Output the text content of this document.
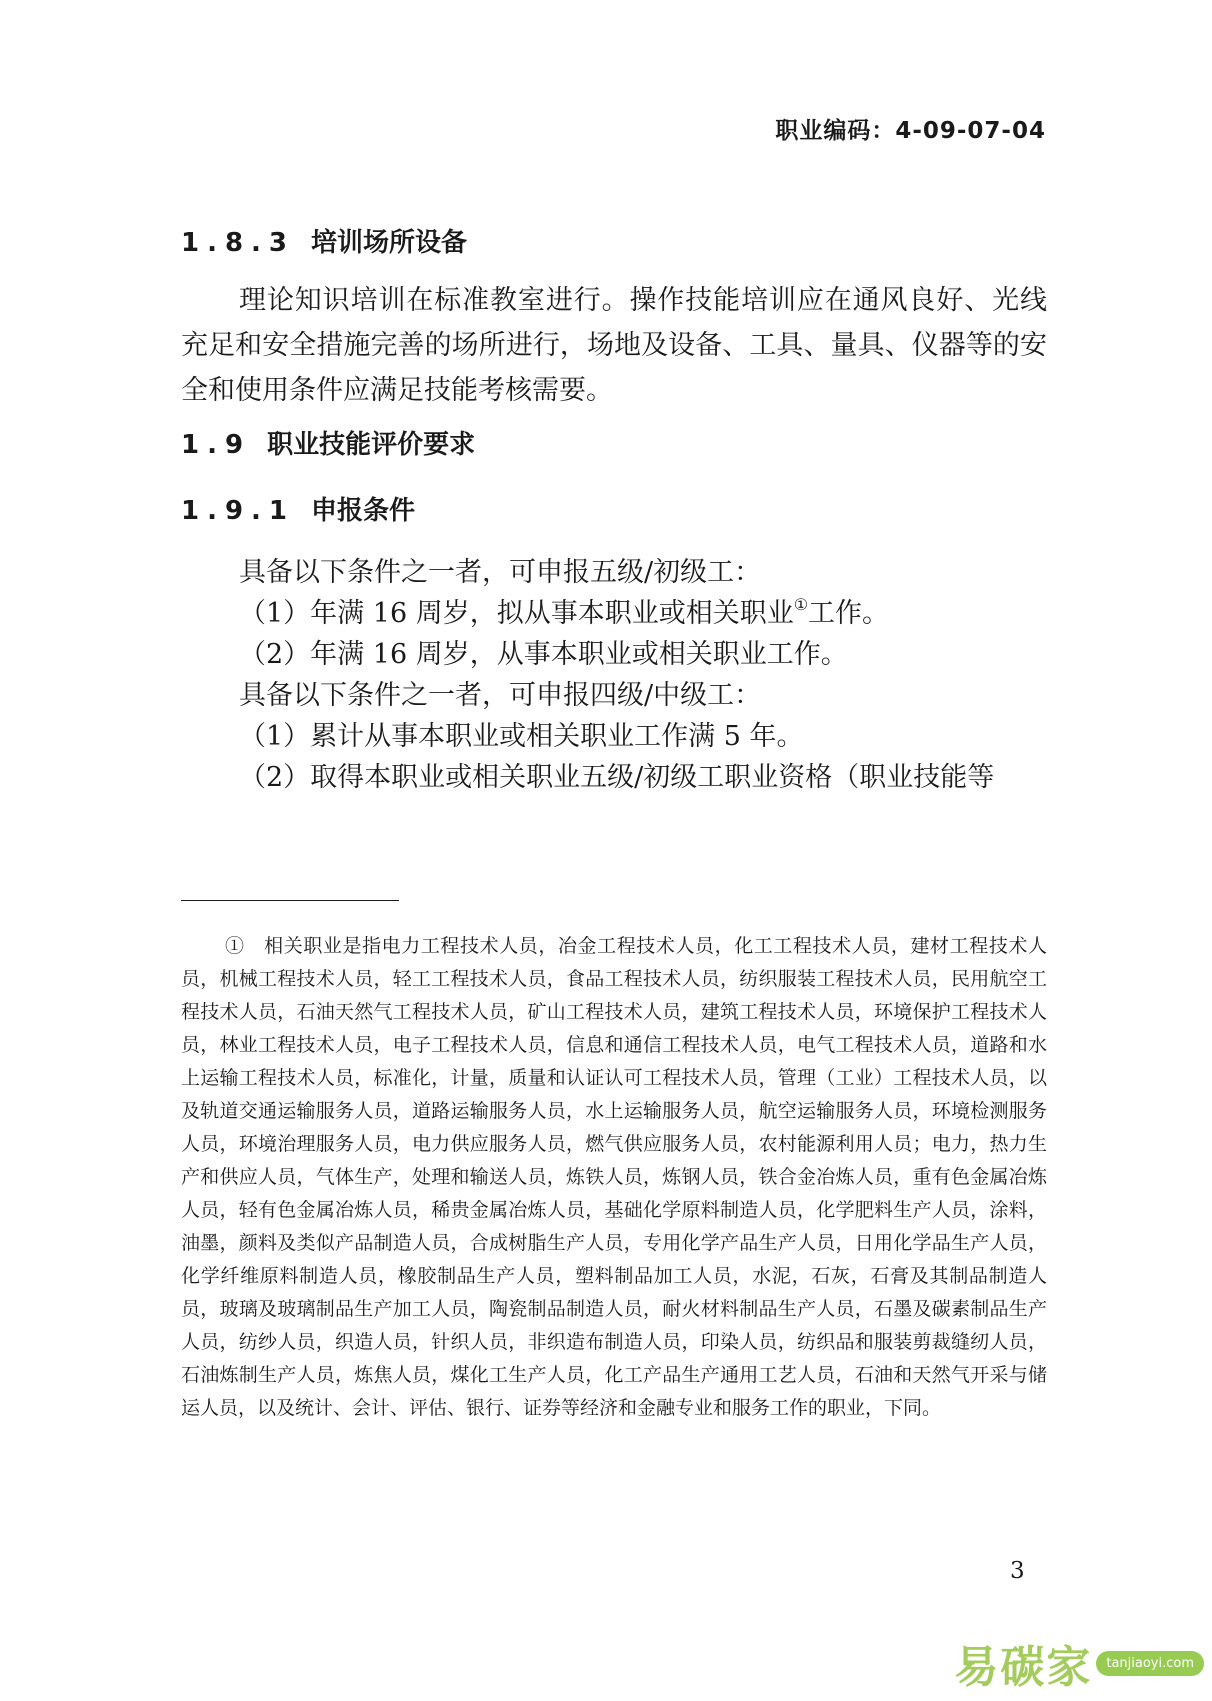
职业编码：4-09-07-04
1.8.3 培训场所设备
理论知识培训在标准教室进行。操作技能培训应在通风良好、光线充足和安全措施完善的场所进行，场地及设备、工具、量具、仪器等的安全和使用条件应满足技能考核需要。
1.9 职业技能评价要求
1.9.1 申报条件
具备以下条件之一者，可申报五级/初级工：
（1）年满 16 周岁，拟从事本职业或相关职业①工作。
（2）年满 16 周岁，从事本职业或相关职业工作。
具备以下条件之一者，可申报四级/中级工：
（1）累计从事本职业或相关职业工作满 5 年。
（2）取得本职业或相关职业五级/初级工职业资格（职业技能等
①　相关职业是指电力工程技术人员，冶金工程技术人员，化工工程技术人员，建材工程技术人员，机械工程技术人员，轻工工程技术人员，食品工程技术人员，纺织服装工程技术人员，民用航空工程技术人员，石油天然气工程技术人员，矿山工程技术人员，建筑工程技术人员，环境保护工程技术人员，林业工程技术人员，电子工程技术人员，信息和通信工程技术人员，电气工程技术人员，道路和水上运输工程技术人员，标准化，计量，质量和认证认可工程技术人员，管理（工业）工程技术人员，以及轨道交通运输服务人员，道路运输服务人员，水上运输服务人员，航空运输服务人员，环境检测服务人员，环境治理服务人员，电力供应服务人员，燃气供应服务人员，农村能源利用人员；电力，热力生产和供应人员，气体生产，处理和输送人员，炼铁人员，炼钢人员，铁合金冶炼人员，重有色金属冶炼人员，轻有色金属冶炼人员，稀贵金属冶炼人员，基础化学原料制造人员，化学肥料生产人员，涂料，油墨，颜料及类似产品制造人员，合成树脂生产人员，专用化学产品生产人员，日用化学品生产人员，化学纤维原料制造人员，橡胶制品生产人员，塑料制品加工人员，水泥，石灰，石膏及其制品制造人员，玻璃及玻璃制品生产加工人员，陶瓷制品制造人员，耐火材料制品生产人员，石墨及碳素制品生产人员，纺纱人员，织造人员，针织人员，非织造布制造人员，印染人员，纺织品和服装剪裁缝纫人员，石油炼制生产人员，炼焦人员，煤化工生产人员，化工产品生产通用工艺人员，石油和天然气开采与储运人员，以及统计、会计、评估、银行、证券等经济和金融专业和服务工作的职业，下同。
3
易碳家	tanjiaoyi.com
